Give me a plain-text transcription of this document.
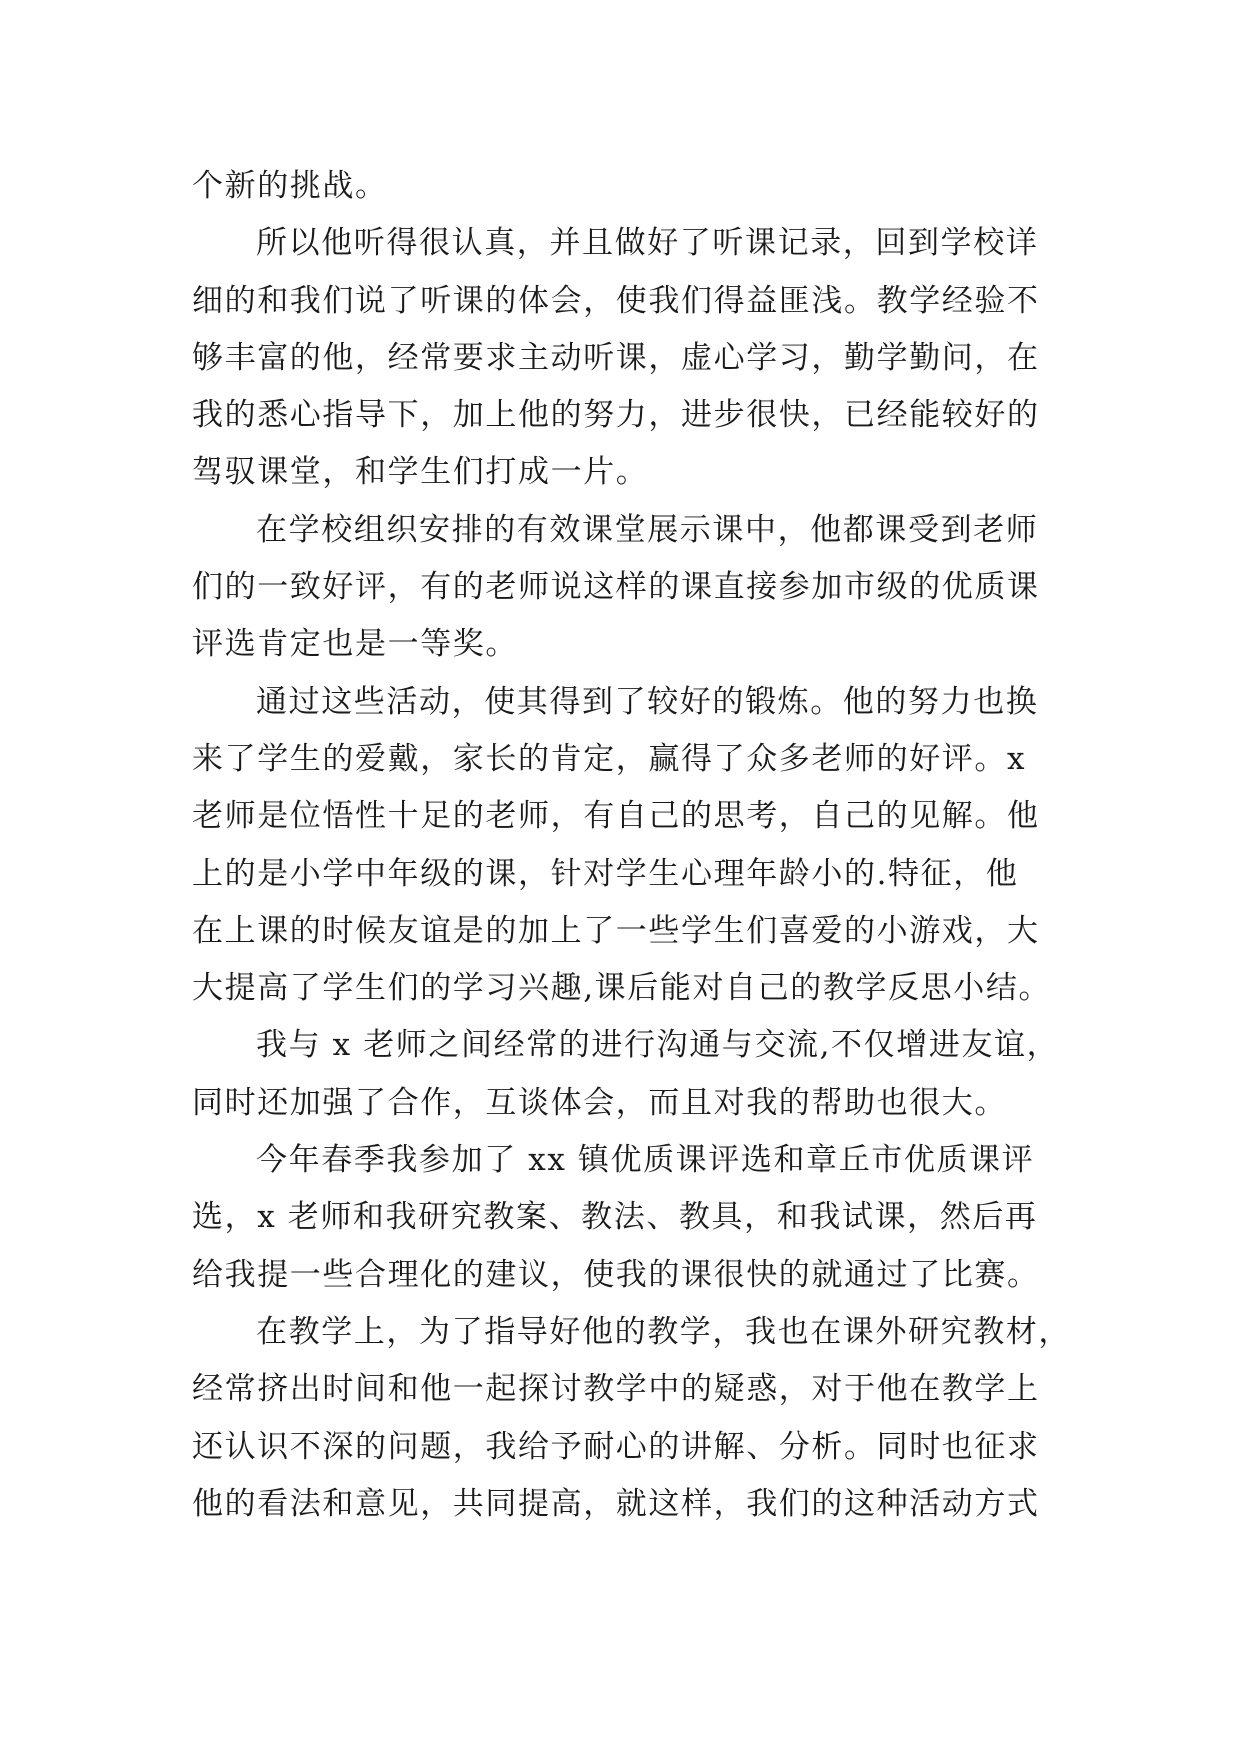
个新的挑战。
所以他听得很认真，并且做好了听课记录，回到学校详
细的和我们说了听课的体会，使我们得益匪浅。教学经验不
够丰富的他，经常要求主动听课，虚心学习，勤学勤问，在
我的悉心指导下，加上他的努力，进步很快，已经能较好的
驾驭课堂，和学生们打成一片。
在学校组织安排的有效课堂展示课中，他都课受到老师
们的一致好评，有的老师说这样的课直接参加市级的优质课
评选肯定也是一等奖。
通过这些活动，使其得到了较好的锻炼。他的努力也换
来了学生的爱戴，家长的肯定，赢得了众多老师的好评。x
老师是位悟性十足的老师，有自己的思考，自己的见解。他
上的是小学中年级的课，针对学生心理年龄小的.特征，他
在上课的时候友谊是的加上了一些学生们喜爱的小游戏，大
大提高了学生们的学习兴趣,课后能对自己的教学反思小结。
我与 x 老师之间经常的进行沟通与交流,不仅增进友谊，
同时还加强了合作，互谈体会，而且对我的帮助也很大。
今年春季我参加了 xx 镇优质课评选和章丘市优质课评
选，x 老师和我研究教案、教法、教具，和我试课，然后再
给我提一些合理化的建议，使我的课很快的就通过了比赛。
在教学上，为了指导好他的教学，我也在课外研究教材，
经常挤出时间和他一起探讨教学中的疑惑，对于他在教学上
还认识不深的问题，我给予耐心的讲解、分析。同时也征求
他的看法和意见，共同提高，就这样，我们的这种活动方式
